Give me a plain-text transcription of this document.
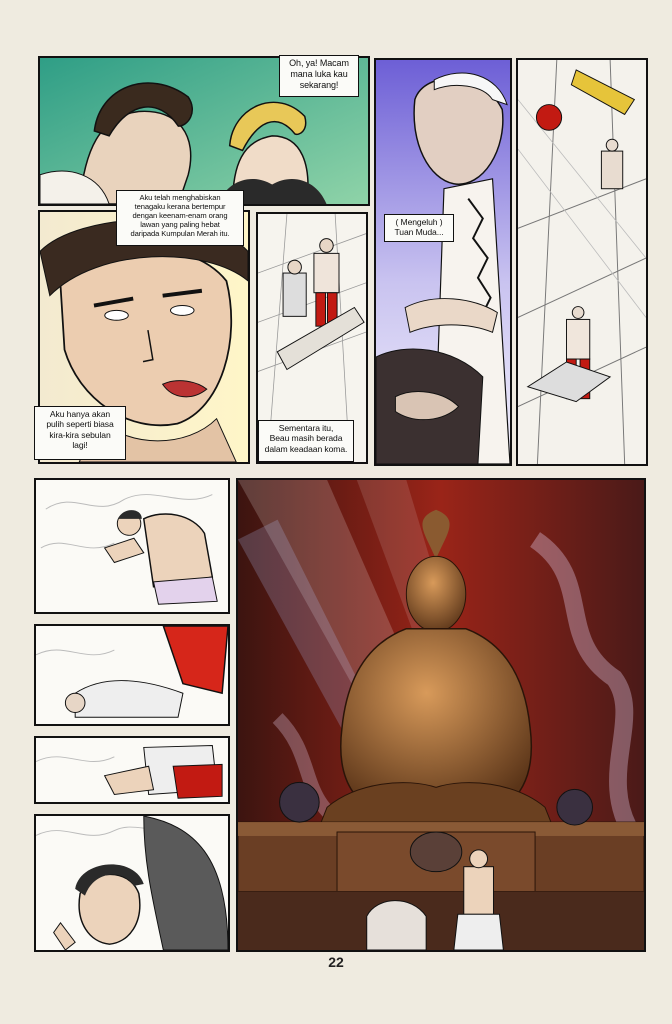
Oh, ya! Macam
mana luka kau
sekarang!
Aku telah menghabiskan
tenagaku kerana bertempur
dengan keenam-enam orang
lawan yang paling hebat
daripada Kumpulan Merah itu.
( Mengeluh )
Tuan Muda...
Aku hanya akan
pulih seperti biasa
kira-kira sebulan
lagi!
Sementara itu,
Beau masih berada
dalam keadaan koma.
22
